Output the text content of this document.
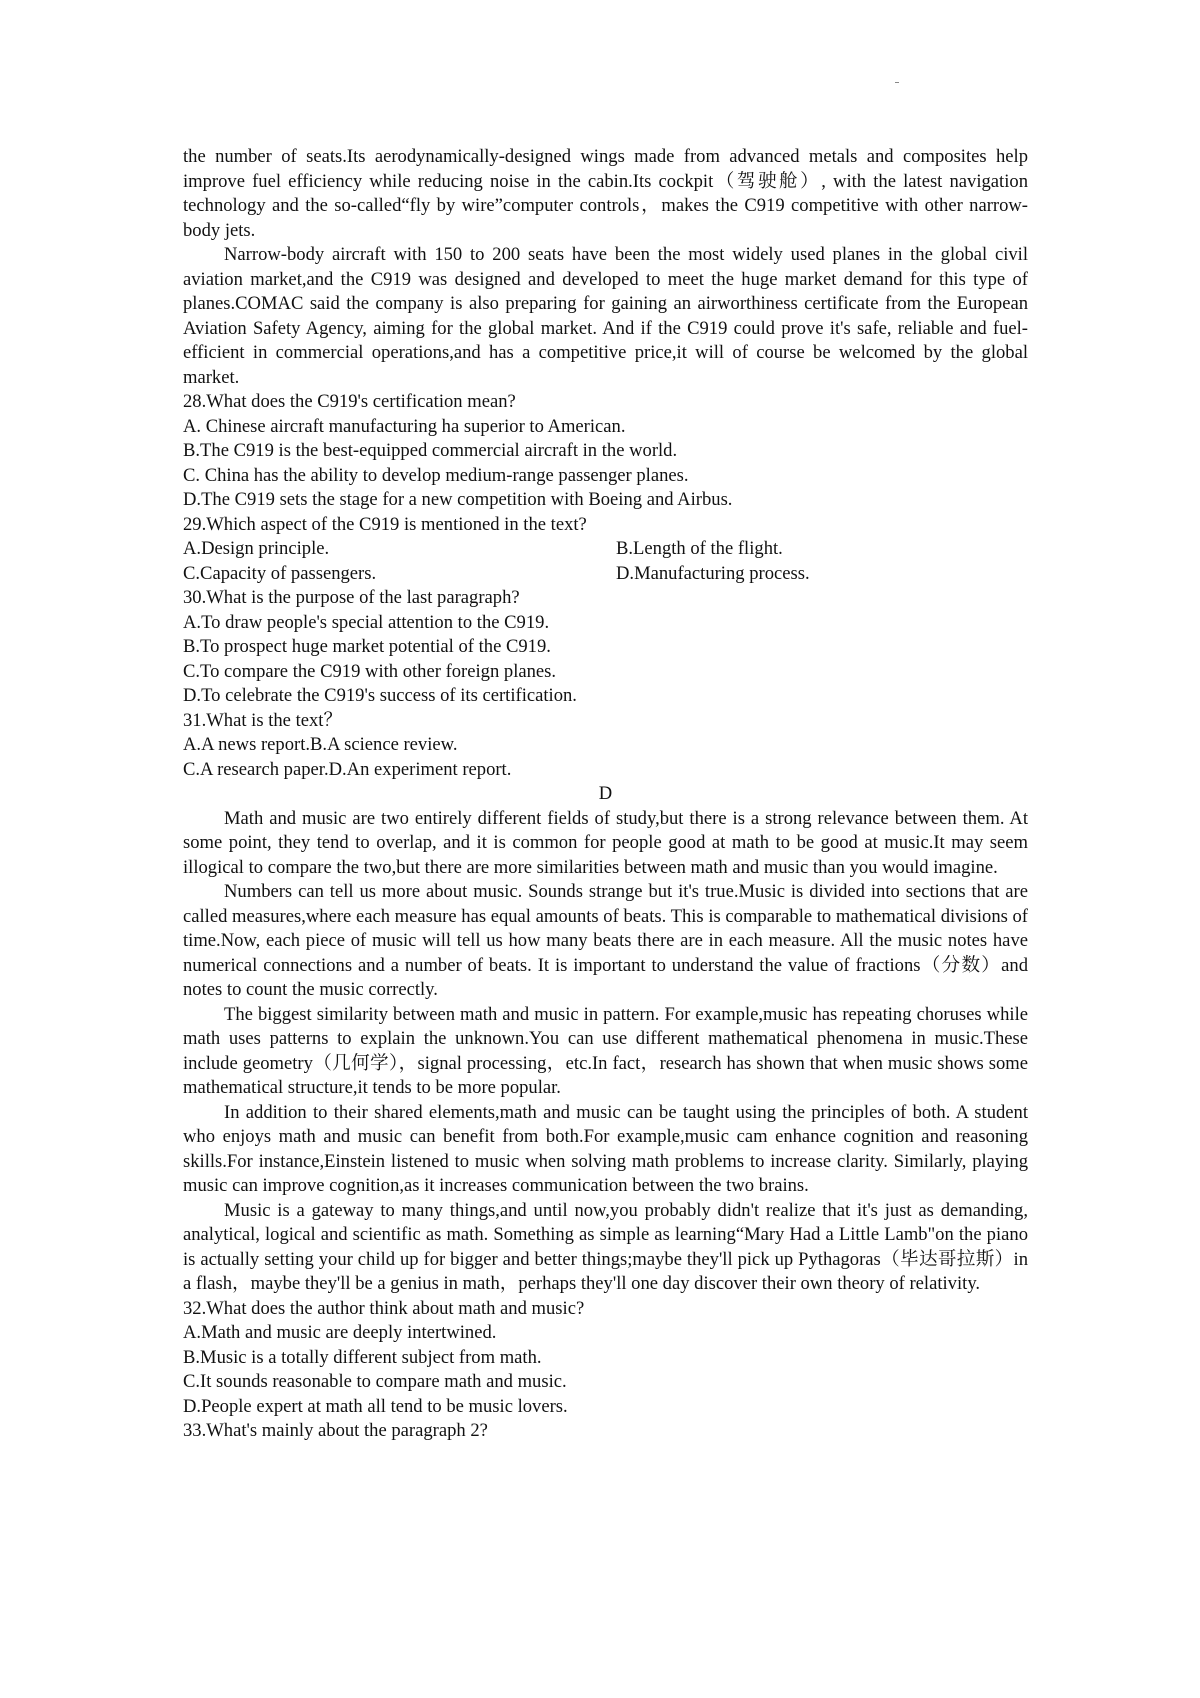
the number of seats.Its aerodynamically-designed wings made from advanced metals and composites help improve fuel efficiency while reducing noise in the cabin.Its cockpit（驾驶舱）, with the latest navigation technology and the so-called“fly by wire”computer controls，makes the C919 competitive with other narrow-body jets.

Narrow-body aircraft with 150 to 200 seats have been the most widely used planes in the global civil aviation market,and the C919 was designed and developed to meet the huge market demand for this type of planes.COMAC said the company is also preparing for gaining an airworthiness certificate from the European Aviation Safety Agency, aiming for the global market. And if the C919 could prove it's safe, reliable and fuel-efficient in commercial operations,and has a competitive price,it will of course be welcomed by the global market.

28.What does the C919's certification mean?

A. Chinese aircraft manufacturing ha superior to American.

B.The C919 is the best-equipped commercial aircraft in the world.

C. China has the ability to develop medium-range passenger planes.

D.The C919 sets the stage for a new competition with Boeing and Airbus.

29.Which aspect of the C919 is mentioned in the text?

A.Design principle.	B.Length of the flight.
C.Capacity of passengers.	D.Manufacturing process.

30.What is the purpose of the last paragraph?

A.To draw people's special attention to the C919.

B.To prospect huge market potential of the C919.

C.To compare the C919 with other foreign planes.

D.To celebrate the C919's success of its certification.

31.What is the text？

A.A news report.B.A science review.

C.A research paper.D.An experiment report.

D

Math and music are two entirely different fields of study,but there is a strong relevance between them. At some point, they tend to overlap, and it is common for people good at math to be good at music.It may seem illogical to compare the two,but there are more similarities between math and music than you would imagine.

Numbers can tell us more about music. Sounds strange but it's true.Music is divided into sections that are called measures,where each measure has equal amounts of beats. This is comparable to mathematical divisions of time.Now, each piece of music will tell us how many beats there are in each measure. All the music notes have numerical connections and a number of beats. It is important to understand the value of fractions（分数）and notes to count the music correctly.

The biggest similarity between math and music in pattern. For example,music has repeating choruses while math uses patterns to explain the unknown.You can use different mathematical phenomena in music.These include geometry（几何学），signal processing，etc.In fact，research has shown that when music shows some mathematical structure,it tends to be more popular.

In addition to their shared elements,math and music can be taught using the principles of both. A student who enjoys math and music can benefit from both.For example,music cam enhance cognition and reasoning skills.For instance,Einstein listened to music when solving math problems to increase clarity. Similarly, playing music can improve cognition,as it increases communication between the two brains.

Music is a gateway to many things,and until now,you probably didn't realize that it's just as demanding, analytical, logical and scientific as math. Something as simple as learning“Mary Had a Little Lamb"on the piano is actually setting your child up for bigger and better things;maybe they'll pick up Pythagoras（毕达哥拉斯）in a flash，maybe they'll be a genius in math，perhaps they'll one day discover their own theory of relativity.

32.What does the author think about math and music?

A.Math and music are deeply intertwined.

B.Music is a totally different subject from math.

C.It sounds reasonable to compare math and music.

D.People expert at math all tend to be music lovers.

33.What's mainly about the paragraph 2?
